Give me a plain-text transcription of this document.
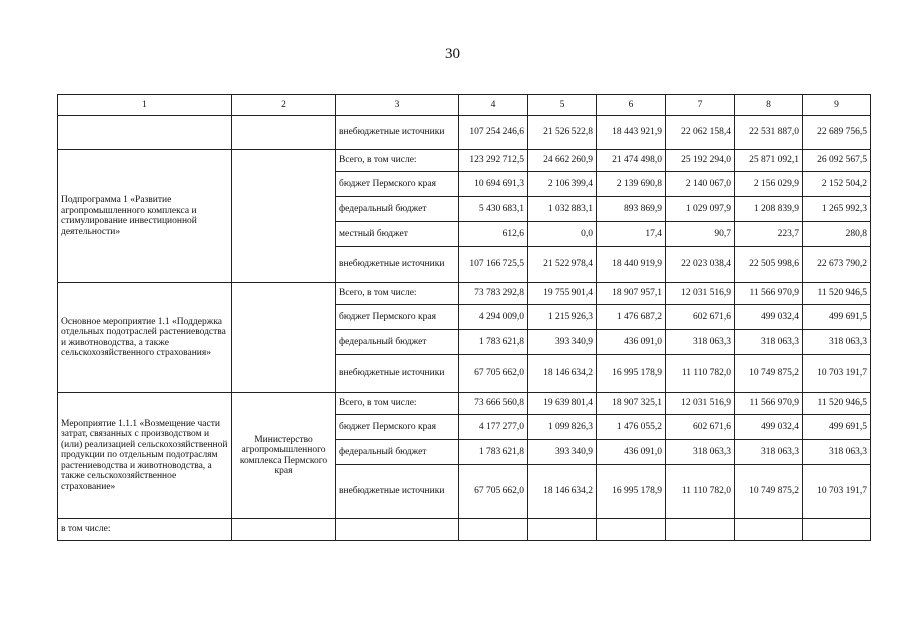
30
1	2	3	4	5	6	7	8	9
		внебюджетные источники	107 254 246,6	21 526 522,8	18 443 921,9	22 062 158,4	22 531 887,0	22 689 756,5
Подпрограмма 1 «Развитие агропромышленного комплекса и стимулирование инвестиционной деятельности»		Всего, в том числе:	123 292 712,5	24 662 260,9	21 474 498,0	25 192 294,0	25 871 092,1	26 092 567,5
		бюджет Пермского края	10 694 691,3	2 106 399,4	2 139 690,8	2 140 067,0	2 156 029,9	2 152 504,2
		федеральный бюджет	5 430 683,1	1 032 883,1	893 869,9	1 029 097,9	1 208 839,9	1 265 992,3
		местный бюджет	612,6	0,0	17,4	90,7	223,7	280,8
		внебюджетные источники	107 166 725,5	21 522 978,4	18 440 919,9	22 023 038,4	22 505 998,6	22 673 790,2
Основное мероприятие 1.1 «Поддержка отдельных подотраслей растениеводства и животноводства, а также сельскохозяйственного страхования»		Всего, в том числе:	73 783 292,8	19 755 901,4	18 907 957,1	12 031 516,9	11 566 970,9	11 520 946,5
		бюджет Пермского края	4 294 009,0	1 215 926,3	1 476 687,2	602 671,6	499 032,4	499 691,5
		федеральный бюджет	1 783 621,8	393 340,9	436 091,0	318 063,3	318 063,3	318 063,3
		внебюджетные источники	67 705 662,0	18 146 634,2	16 995 178,9	11 110 782,0	10 749 875,2	10 703 191,7
Мероприятие 1.1.1 «Возмещение части затрат, связанных с производством и (или) реализацией сельскохозяйственной продукции по отдельным подотраслям растениеводства и животноводства, а также сельскохозяйственное страхование»	Министерство агропромышленного комплекса Пермского края	Всего, в том числе:	73 666 560,8	19 639 801,4	18 907 325,1	12 031 516,9	11 566 970,9	11 520 946,5
		бюджет Пермского края	4 177 277,0	1 099 826,3	1 476 055,2	602 671,6	499 032,4	499 691,5
		федеральный бюджет	1 783 621,8	393 340,9	436 091,0	318 063,3	318 063,3	318 063,3
		внебюджетные источники	67 705 662,0	18 146 634,2	16 995 178,9	11 110 782,0	10 749 875,2	10 703 191,7
в том числе:								
